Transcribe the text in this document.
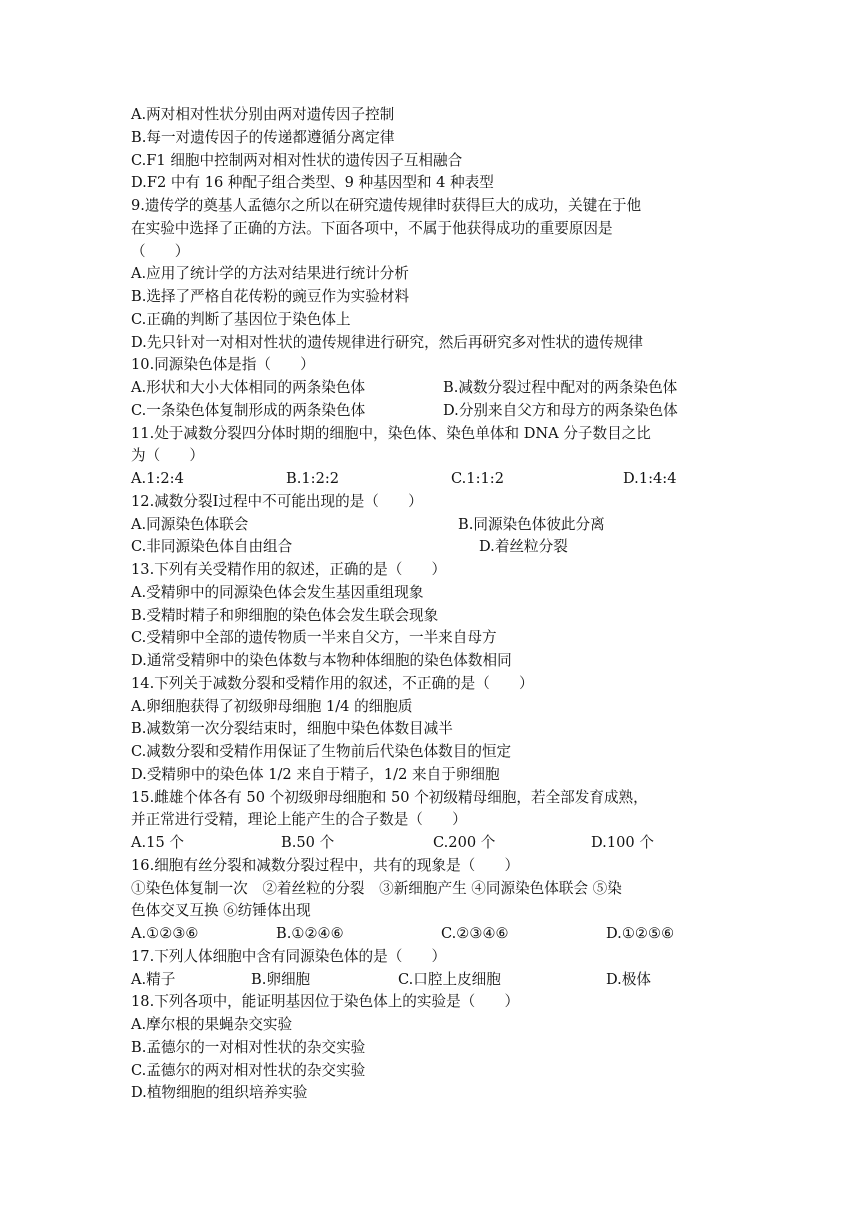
A.两对相对性状分别由两对遗传因子控制
B.每一对遗传因子的传递都遵循分离定律
C.F1 细胞中控制两对相对性状的遗传因子互相融合
D.F2 中有 16 种配子组合类型、9 种基因型和 4 种表型
9.遗传学的奠基人孟德尔之所以在研究遗传规律时获得巨大的成功，关键在于他
在实验中选择了正确的方法。下面各项中，不属于他获得成功的重要原因是
（　　）
A.应用了统计学的方法对结果进行统计分析
B.选择了严格自花传粉的豌豆作为实验材料
C.正确的判断了基因位于染色体上
D.先只针对一对相对性状的遗传规律进行研究，然后再研究多对性状的遗传规律
10.同源染色体是指（　　）
A.形状和大小大体相同的两条染色体	B.减数分裂过程中配对的两条染色体
C.一条染色体复制形成的两条染色体	D.分别来自父方和母方的两条染色体
11.处于减数分裂四分体时期的细胞中，染色体、染色单体和 DNA 分子数目之比
为（　　）
A.1:2:4	B.1:2:2	C.1:1:2	D.1:4:4
12.减数分裂Ⅰ过程中不可能出现的是（　　）
A.同源染色体联会	B.同源染色体彼此分离
C.非同源染色体自由组合	D.着丝粒分裂
13.下列有关受精作用的叙述，正确的是（　　）
A.受精卵中的同源染色体会发生基因重组现象
B.受精时精子和卵细胞的染色体会发生联会现象
C.受精卵中全部的遗传物质一半来自父方，一半来自母方
D.通常受精卵中的染色体数与本物种体细胞的染色体数相同
14.下列关于减数分裂和受精作用的叙述，不正确的是（　　）
A.卵细胞获得了初级卵母细胞 1/4 的细胞质
B.减数第一次分裂结束时，细胞中染色体数目减半
C.减数分裂和受精作用保证了生物前后代染色体数目的恒定
D.受精卵中的染色体 1/2 来自于精子，1/2 来自于卵细胞
15.雌雄个体各有 50 个初级卵母细胞和 50 个初级精母细胞，若全部发育成熟，
并正常进行受精，理论上能产生的合子数是（　　）
A.15 个	B.50 个	C.200 个	D.100 个
16.细胞有丝分裂和减数分裂过程中，共有的现象是（　　）
①染色体复制一次　②着丝粒的分裂　③新细胞产生 ④同源染色体联会 ⑤染
色体交叉互换 ⑥纺锤体出现
A.①②③⑥	B.①②④⑥	C.②③④⑥	D.①②⑤⑥
17.下列人体细胞中含有同源染色体的是（　　）
A.精子	B.卵细胞	C.口腔上皮细胞	D.极体
18.下列各项中，能证明基因位于染色体上的实验是（　　）
A.摩尔根的果蝇杂交实验
B.孟德尔的一对相对性状的杂交实验
C.孟德尔的两对相对性状的杂交实验
D.植物细胞的组织培养实验
